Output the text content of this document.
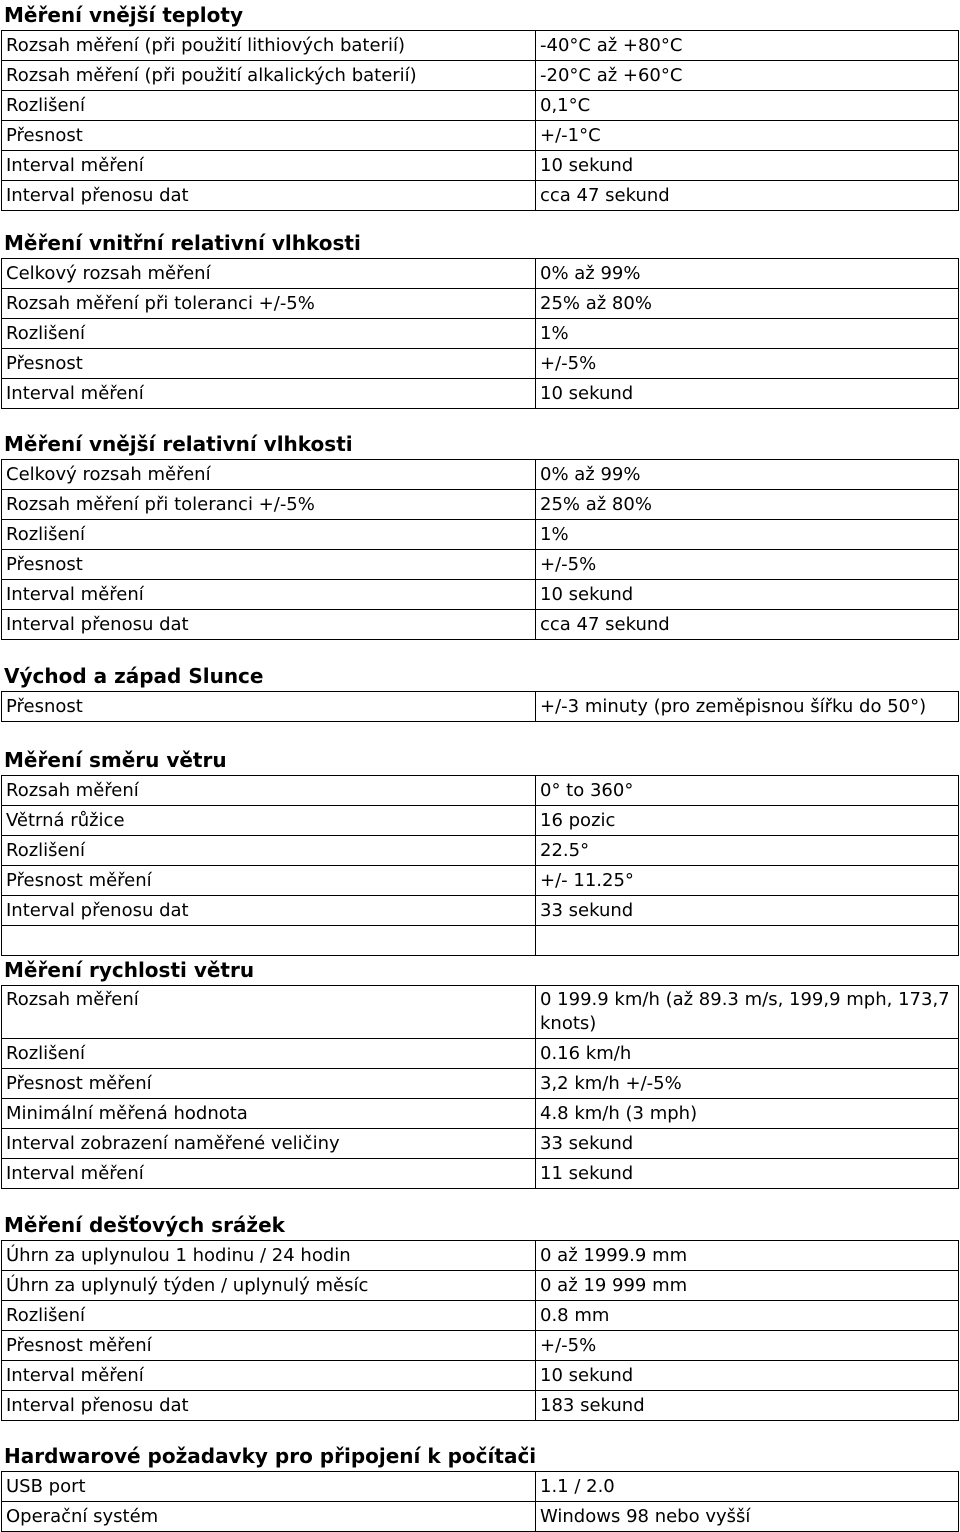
Měření vnější teploty
Rozsah měření (při použití lithiových baterií)	-40°C až +80°C
Rozsah měření (při použití alkalických baterií)	-20°C až +60°C
Rozlišení	0,1°C
Přesnost	+/-1°C
Interval měření	10 sekund
Interval přenosu dat	cca 47 sekund
Měření vnitřní relativní vlhkosti
Celkový rozsah měření	0% až 99%
Rozsah měření při toleranci +/-5%	25% až 80%
Rozlišení	1%
Přesnost	+/-5%
Interval měření	10 sekund
Měření vnější relativní vlhkosti
Celkový rozsah měření	0% až 99%
Rozsah měření při toleranci +/-5%	25% až 80%
Rozlišení	1%
Přesnost	+/-5%
Interval měření	10 sekund
Interval přenosu dat	cca 47 sekund
Východ a západ Slunce
Přesnost	+/-3 minuty (pro zeměpisnou šířku do 50°)
Měření směru větru
Rozsah měření	0° to 360°
Větrná růžice	16 pozic
Rozlišení	22.5°
Přesnost měření	+/- 11.25°
Interval přenosu dat	33 sekund

Měření rychlosti větru
Rozsah měření	0 199.9 km/h (až 89.3 m/s, 199,9 mph, 173,7 knots)
Rozlišení	0.16 km/h
Přesnost měření	3,2 km/h +/-5%
Minimální měřená hodnota	4.8 km/h (3 mph)
Interval zobrazení naměřené veličiny	33 sekund
Interval měření	11 sekund
Měření dešťových srážek
Úhrn za uplynulou 1 hodinu / 24 hodin	0 až 1999.9 mm
Úhrn za uplynulý týden / uplynulý měsíc	0 až 19 999 mm
Rozlišení	0.8 mm
Přesnost měření	+/-5%
Interval měření	10 sekund
Interval přenosu dat	183 sekund
Hardwarové požadavky pro připojení k počítači
USB port	1.1 / 2.0
Operační systém	Windows 98 nebo vyšší
